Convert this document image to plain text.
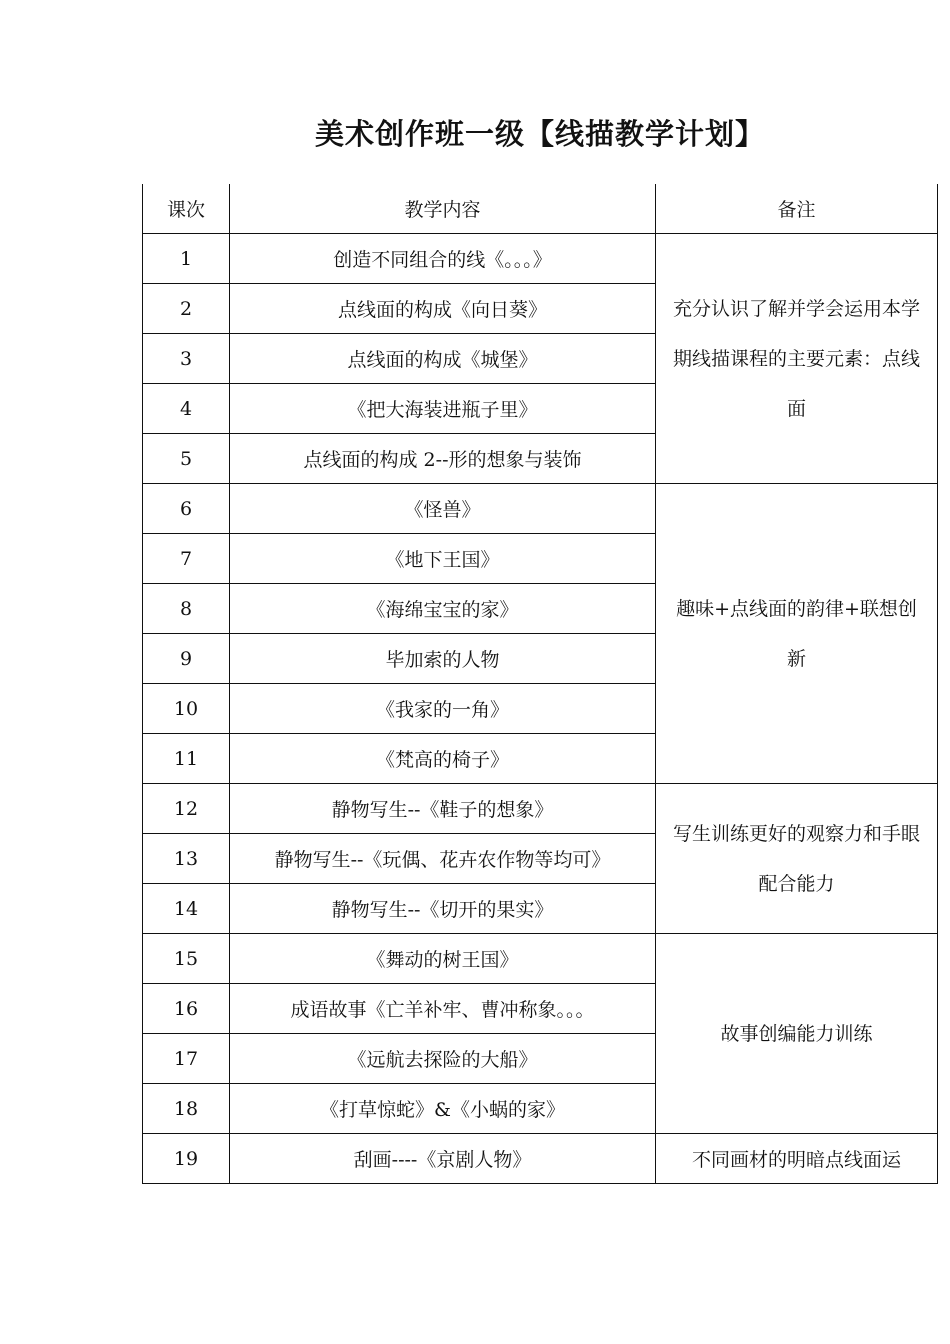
美术创作班一级【线描教学计划】
课次	教学内容	备注
1	创造不同组合的线《。。。》	充分认识了解并学会运用本学期线描课程的主要元素：点线面
2	点线面的构成《向日葵》	
3	点线面的构成《城堡》	
4	《把大海装进瓶子里》	
5	点线面的构成 2--形的想象与装饰	
6	《怪兽》	趣味+点线面的韵律+联想创新
7	《地下王国》	
8	《海绵宝宝的家》	
9	毕加索的人物	
10	《我家的一角》	
11	《梵高的椅子》	
12	静物写生--《鞋子的想象》	写生训练更好的观察力和手眼配合能力
13	静物写生--《玩偶、花卉农作物等均可》	
14	静物写生--《切开的果实》	
15	《舞动的树王国》	故事创编能力训练
16	成语故事《亡羊补牢、曹冲称象。。。	
17	《远航去探险的大船》	
18	《打草惊蛇》&《小蜗的家》	
19	刮画----《京剧人物》	不同画材的明暗点线面运
